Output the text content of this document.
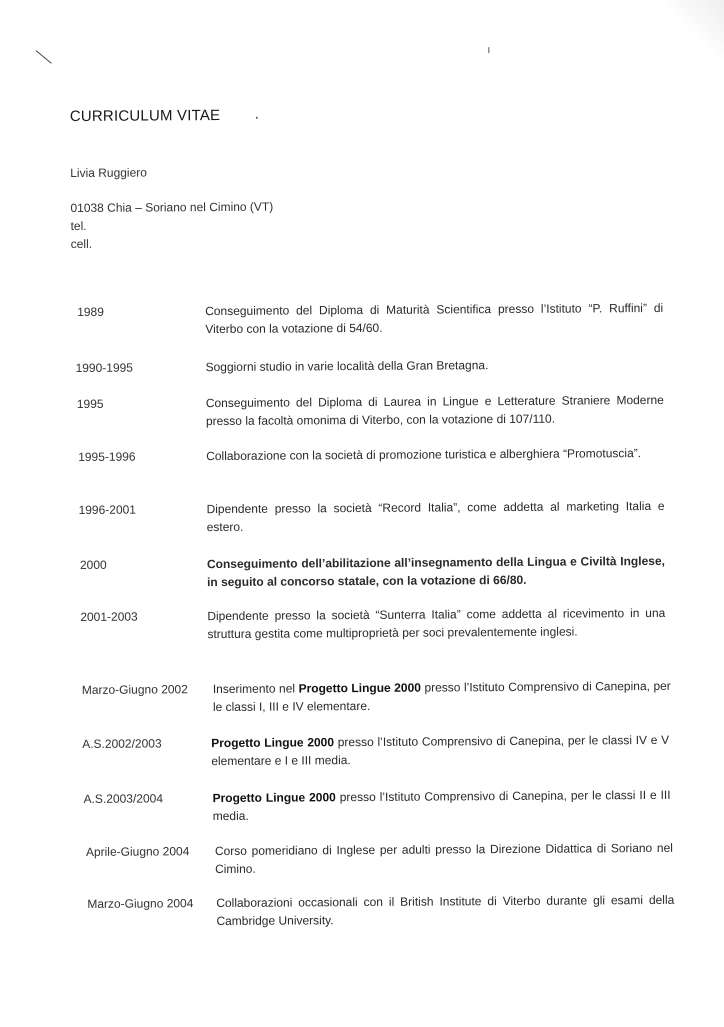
CURRICULUM VITAE
Livia Ruggiero
01038 Chia – Soriano nel Cimino (VT)
tel.
cell.
1989	Conseguimento del Diploma di Maturità Scientifica presso l’Istituto “P. Ruffini” di Viterbo con la votazione di 54/60.
1990-1995	Soggiorni studio in varie località della Gran Bretagna.
1995	Conseguimento del Diploma di Laurea in Lingue e Letterature Straniere Moderne presso la facoltà omonima di Viterbo, con la votazione di 107/110.
1995-1996	Collaborazione con la società di promozione turistica e alberghiera “Promotuscia”.
1996-2001	Dipendente presso la società “Record Italia”, come addetta al marketing Italia e estero.
2000	Conseguimento dell’abilitazione all’insegnamento della Lingua e Civiltà Inglese, in seguito al concorso statale, con la votazione di 66/80.
2001-2003	Dipendente presso la società “Sunterra Italia” come addetta al ricevimento in una struttura gestita come multiproprietà per soci prevalentemente inglesi.
Marzo-Giugno 2002	Inserimento nel Progetto Lingue 2000 presso l’Istituto Comprensivo di Canepina, per le classi I, III e IV elementare.
A.S.2002/2003	Progetto Lingue 2000 presso l’Istituto Comprensivo di Canepina, per le classi IV e V elementare e I e III media.
A.S.2003/2004	Progetto Lingue 2000 presso l’Istituto Comprensivo di Canepina, per le classi II e III media.
Aprile-Giugno 2004	Corso pomeridiano di Inglese per adulti presso la Direzione Didattica di Soriano nel Cimino.
Marzo-Giugno 2004	Collaborazioni occasionali con il British Institute di Viterbo durante gli esami della Cambridge University.
